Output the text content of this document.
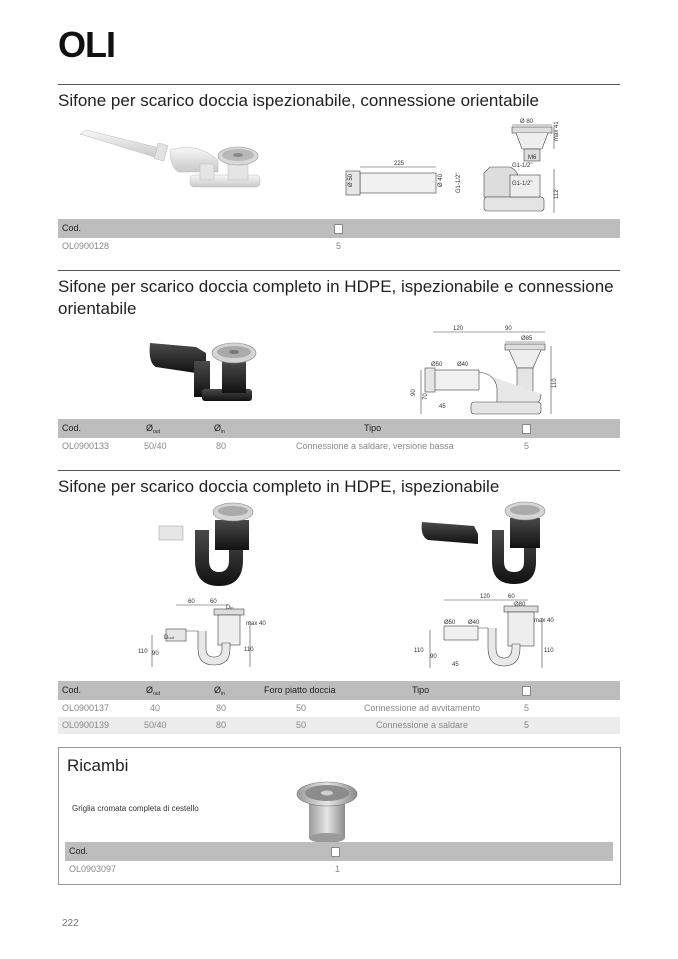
OLI
Sifone per scarico doccia ispezionabile, connessione orientabile
Ø 80	max 41
M6
G1-1/2"
225
Ø 50	Ø 40 G1-1/2"	G1-1/2"
112
Cod.
OL0900128	5
Sifone per scarico doccia completo in HDPE, ispezionabile e connessione orientabile
120	90
Ø85
Ø50 Ø40
90
70
45
110
Cod.	$Ø_{out}$	$Ø_{in}$	Tipo
OL0900133	50/40	80	Connessione a saldare, versione bassa	5
Sifone per scarico doccia completo in HDPE, ispezionabile
60	60
Din
max 40
Dout
110 90
110
120	60
Ø80
Ø50 Ø40	max 40
110
90
45
110
Cod.	$Ø_{out}$	$Ø_{in}$	Foro piatto doccia	Tipo
OL0900137	40	80	50	Connessione ad avvitamento	5
OL0900139	50/40	80	50	Connessione a saldare	5
Ricambi
Griglia cromata completa di cestello
Cod.
OL0903097	1
222
